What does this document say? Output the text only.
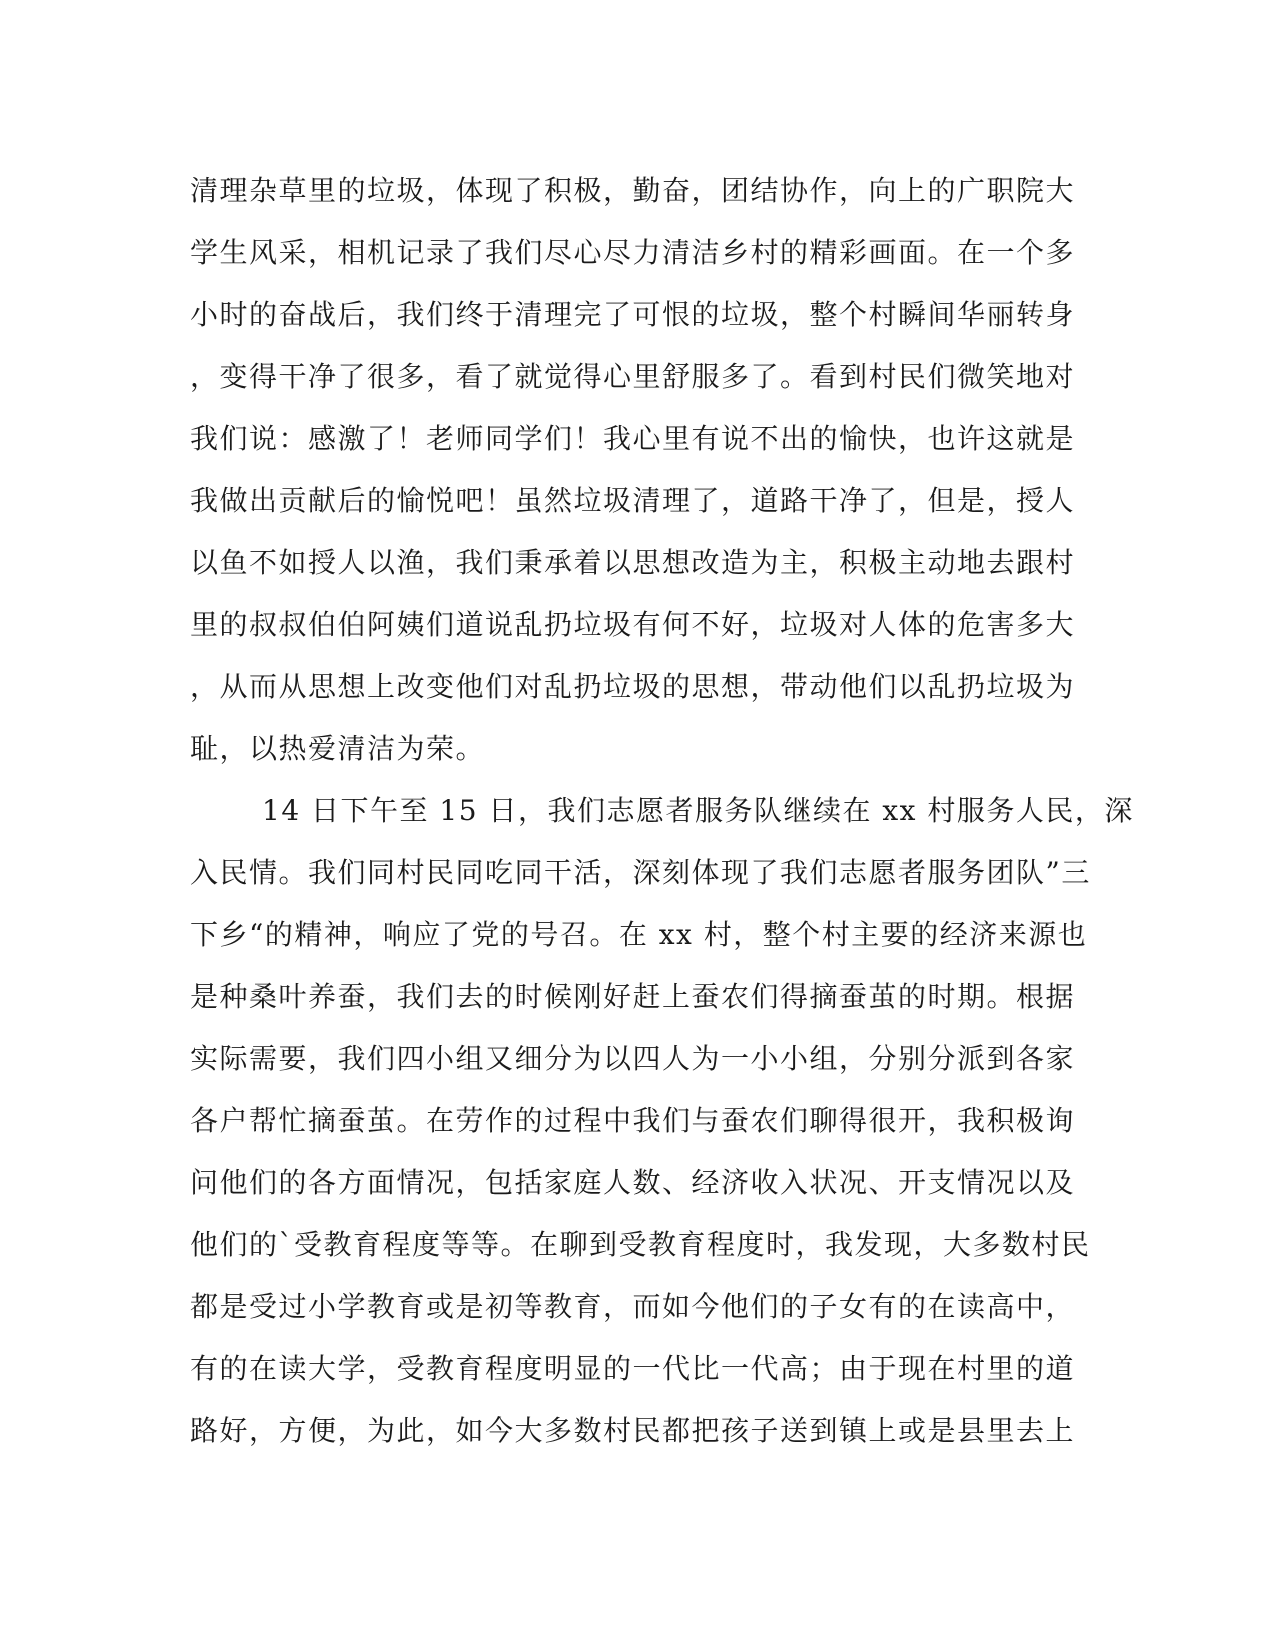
清理杂草里的垃圾，体现了积极，勤奋，团结协作，向上的广职院大
学生风采，相机记录了我们尽心尽力清洁乡村的精彩画面。在一个多
小时的奋战后，我们终于清理完了可恨的垃圾，整个村瞬间华丽转身
，变得干净了很多，看了就觉得心里舒服多了。看到村民们微笑地对
我们说：感激了！老师同学们！我心里有说不出的愉快，也许这就是
我做出贡献后的愉悦吧！虽然垃圾清理了，道路干净了，但是，授人
以鱼不如授人以渔，我们秉承着以思想改造为主，积极主动地去跟村
里的叔叔伯伯阿姨们道说乱扔垃圾有何不好，垃圾对人体的危害多大
，从而从思想上改变他们对乱扔垃圾的思想，带动他们以乱扔垃圾为
耻，以热爱清洁为荣。
14 日下午至 15 日，我们志愿者服务队继续在 xx 村服务人民，深
入民情。我们同村民同吃同干活，深刻体现了我们志愿者服务团队”三
下乡“的精神，响应了党的号召。在 xx 村，整个村主要的经济来源也
是种桑叶养蚕，我们去的时候刚好赶上蚕农们得摘蚕茧的时期。根据
实际需要，我们四小组又细分为以四人为一小小组，分别分派到各家
各户帮忙摘蚕茧。在劳作的过程中我们与蚕农们聊得很开，我积极询
问他们的各方面情况，包括家庭人数、经济收入状况、开支情况以及
他们的`受教育程度等等。在聊到受教育程度时，我发现，大多数村民
都是受过小学教育或是初等教育，而如今他们的子女有的在读高中，
有的在读大学，受教育程度明显的一代比一代高；由于现在村里的道
路好，方便，为此，如今大多数村民都把孩子送到镇上或是县里去上
